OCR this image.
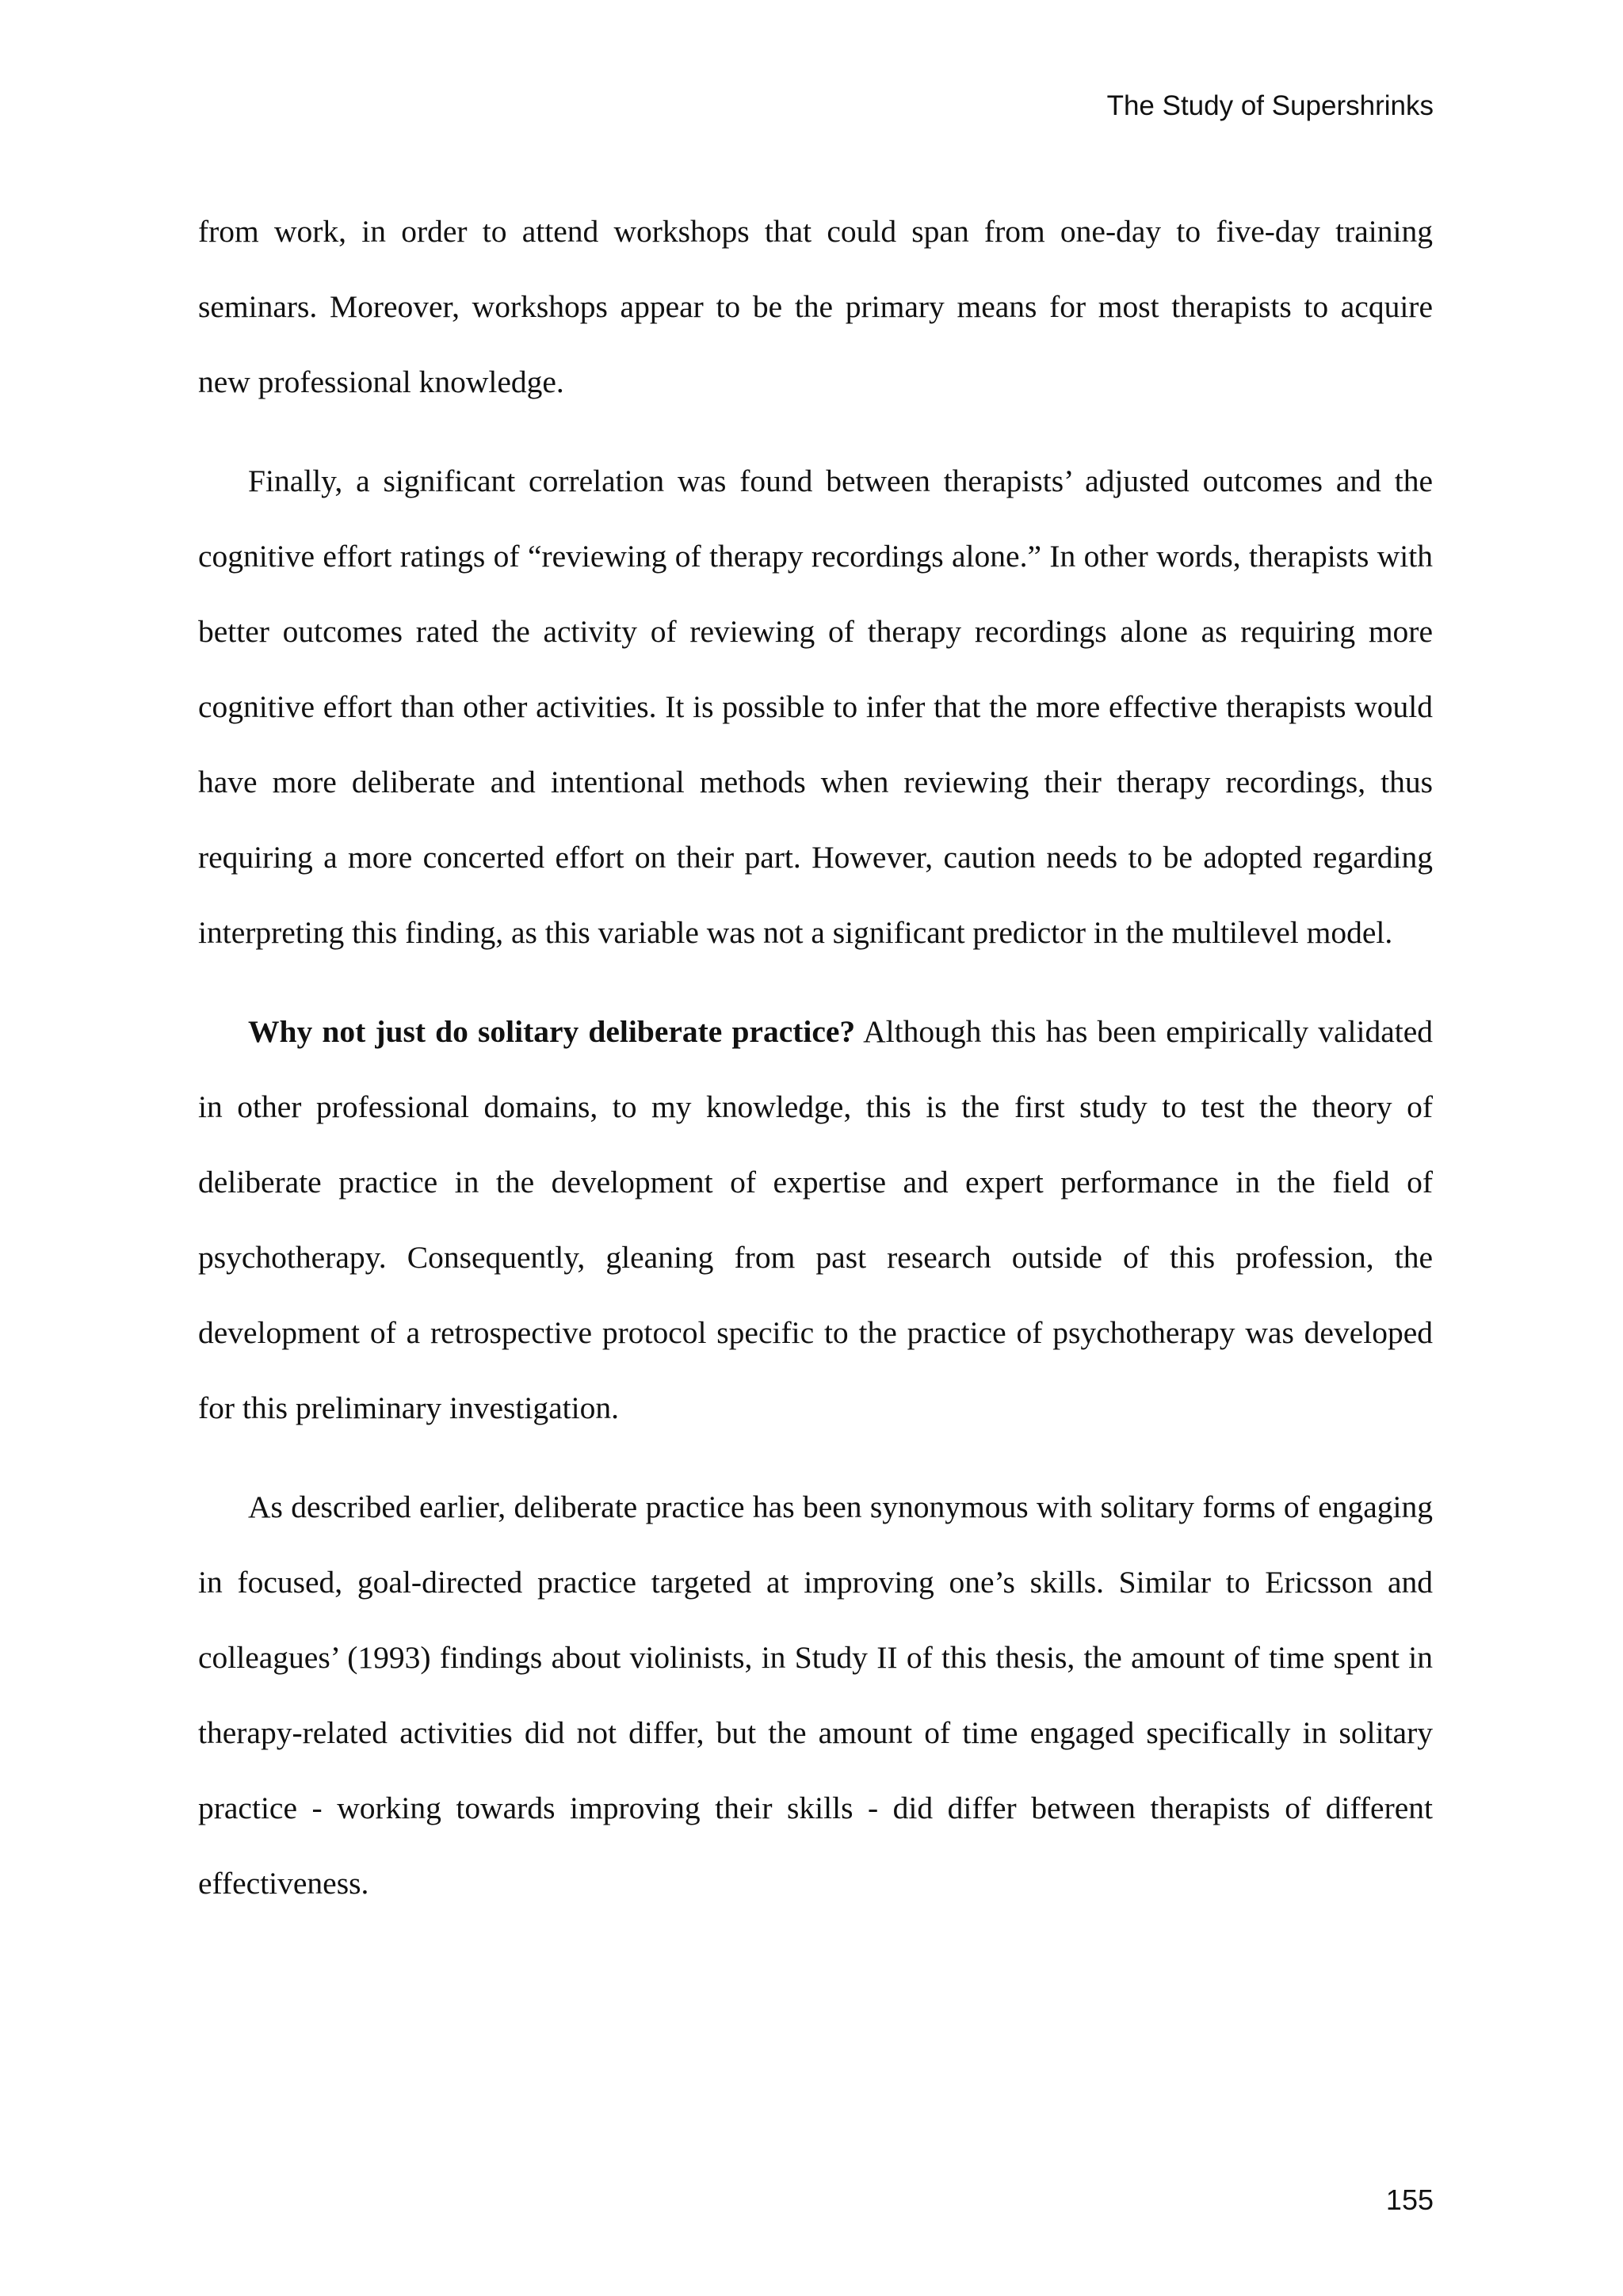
The Study of Supershrinks

from work, in order to attend workshops that could span from one-day to five-day training seminars. Moreover, workshops appear to be the primary means for most therapists to acquire new professional knowledge.

Finally, a significant correlation was found between therapists’ adjusted outcomes and the cognitive effort ratings of “reviewing of therapy recordings alone.” In other words, therapists with better outcomes rated the activity of reviewing of therapy recordings alone as requiring more cognitive effort than other activities. It is possible to infer that the more effective therapists would have more deliberate and intentional methods when reviewing their therapy recordings, thus requiring a more concerted effort on their part. However, caution needs to be adopted regarding interpreting this finding, as this variable was not a significant predictor in the multilevel model.

Why not just do solitary deliberate practice? Although this has been empirically validated in other professional domains, to my knowledge, this is the first study to test the theory of deliberate practice in the development of expertise and expert performance in the field of psychotherapy. Consequently, gleaning from past research outside of this profession, the development of a retrospective protocol specific to the practice of psychotherapy was developed for this preliminary investigation.

As described earlier, deliberate practice has been synonymous with solitary forms of engaging in focused, goal-directed practice targeted at improving one’s skills. Similar to Ericsson and colleagues’ (1993) findings about violinists, in Study II of this thesis, the amount of time spent in therapy-related activities did not differ, but the amount of time engaged specifically in solitary practice - working towards improving their skills - did differ between therapists of different effectiveness.

155
